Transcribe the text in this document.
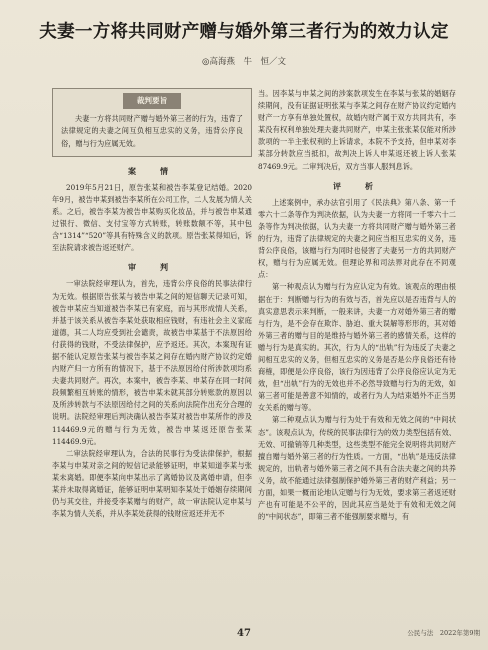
夫妻一方将共同财产赠与婚外第三者行为的效力认定
◎高海燕　牛　恒／文
裁判要旨

夫妻一方将共同财产赠与婚外第三者的行为，违背了法律规定的夫妻之间互负相互忠实的义务，违背公序良俗，赠与行为应属无效。

案　情

2019年5月21日，原告张某和被告李某登记结婚。2020年9月，被告申某到被告李某所在公司工作，二人发展为情人关系。之后，被告李某为被告申某购买化妆品，并与被告申某通过银行、微信、支付宝等方式转账，转账数额不等，其中包含“1314”“520”等具有特殊含义的款项。原告张某得知后，诉至法院请求被告返还财产。

审　判

一审法院经审理认为，首先，违背公序良俗的民事法律行为无效。根据原告张某与被告申某之间的短信聊天记录可知，被告申某应当知道被告李某已有家庭，而与其形成情人关系，并基于该关系从被告李某处获取相应钱财，有违社会主义家庭道德，其二人均应受到社会谴责，故被告申某基于不法原因给付获得的钱财，不受法律保护，应予返还。其次，本案现有证据不能认定原告张某与被告李某之间存在婚内财产协议约定婚内财产归一方所有的情况下，基于不法原因给付所涉款项均系夫妻共同财产。再次，本案中，被告李某、申某存在同一时间段频繁相互转账的情形，被告申某未就其部分转账款的原因以及所涉转款与不法原因给付之间的关系向法院作出充分合理的说明。法院经审理后判决确认被告李某对被告申某所作的涉及114469.9元的赠与行为无效，被告申某返还原告张某114469.9元。

二审法院经审理认为，合法的民事行为受法律保护，根据李某与申某对亲之间的短信记录能够证明，申某知道李某与张某未离婚。即便李某向申某出示了离婚协议及离婚申请，但李某并未取得离婚证，能够证明申某明知李某处于婚姻存续期间仍与其交往，并接受李某赠与的财产，故一审法院认定申某与李某为情人关系，并从李某处获得的钱财应返还并无不

当。因李某与申某之间的涉案款项发生在李某与张某的婚姻存续期间，没有证据证明张某与李某之间存在财产协议约定婚内财产一方享有单独处置权，故婚内财产属于双方共同共有，李某没有权利单独处理夫妻共同财产，申某主张张某仅能对所涉款项的一半主张权利的上诉请求，本院不予支持，但申某对李某部分转款应当抵扣，故判决上诉人申某返还被上诉人张某87469.9元。二审判决后，双方当事人服判息诉。

评　析

上述案例中，承办法官引用了《民法典》第八条、第一千零六十二条等作为判决依据，认为夫妻一方将同一千零六十二条等作为判决依据，认为夫妻一方将共同财产赠与婚外第三者的行为，违背了法律规定的夫妻之间应当相互忠实的义务，违背公序良俗，该赠与行为同时也侵害了夫妻另一方的共同财产权，赠与行为应属无效。但理论界和司法界对此存在不同观点：

第一种观点认为赠与行为应认定为有效。该观点的理由根据在于：判断赠与行为的有效与否，首先应以是否违背与人的真实意思表示来判断，一般来讲，夫妻一方对婚外第三者的赠与行为，是不会存在欺诈、胁迫、重大误解等形形的，其对婚外第三者的赠与目的是维持与婚外第三者的感情关系，这样的赠与行为是真实的。其次，行为人的“出轨”行为违反了夫妻之间相互忠实的义务，但相互忠实的义务是否是公序良俗还有待商榷，即便是公序良俗，该行为因违背了公序良俗应认定为无效，但“出轨”行为的无效也并不必然导致赠与行为的无效，如第三者可能是善意不知情的，或者行为人为结束婚外不正当男女关系的赠与等。

第二种观点认为赠与行为处于有效和无效之间的“中间状态”。该观点认为，传统的民事法律行为的效力类型包括有效、无效、可撤销等几种类型，这些类型不能完全说明将共同财产擅自赠与婚外第三者的行为性质。一方面，“出轨”是违反法律规定的，出轨者与婚外第三者之间不具有合法夫妻之间的共养义务，故不能通过法律强制保护婚外第三者的财产利益；另一方面，如果一概而论地认定赠与行为无效，要求第三者返还财产也有可能是不公平的，因此其应当是处于有效和无效之间的“中间状态”，即第三者不能强制要求赠与，有

47	公民与法　2022年第9期
